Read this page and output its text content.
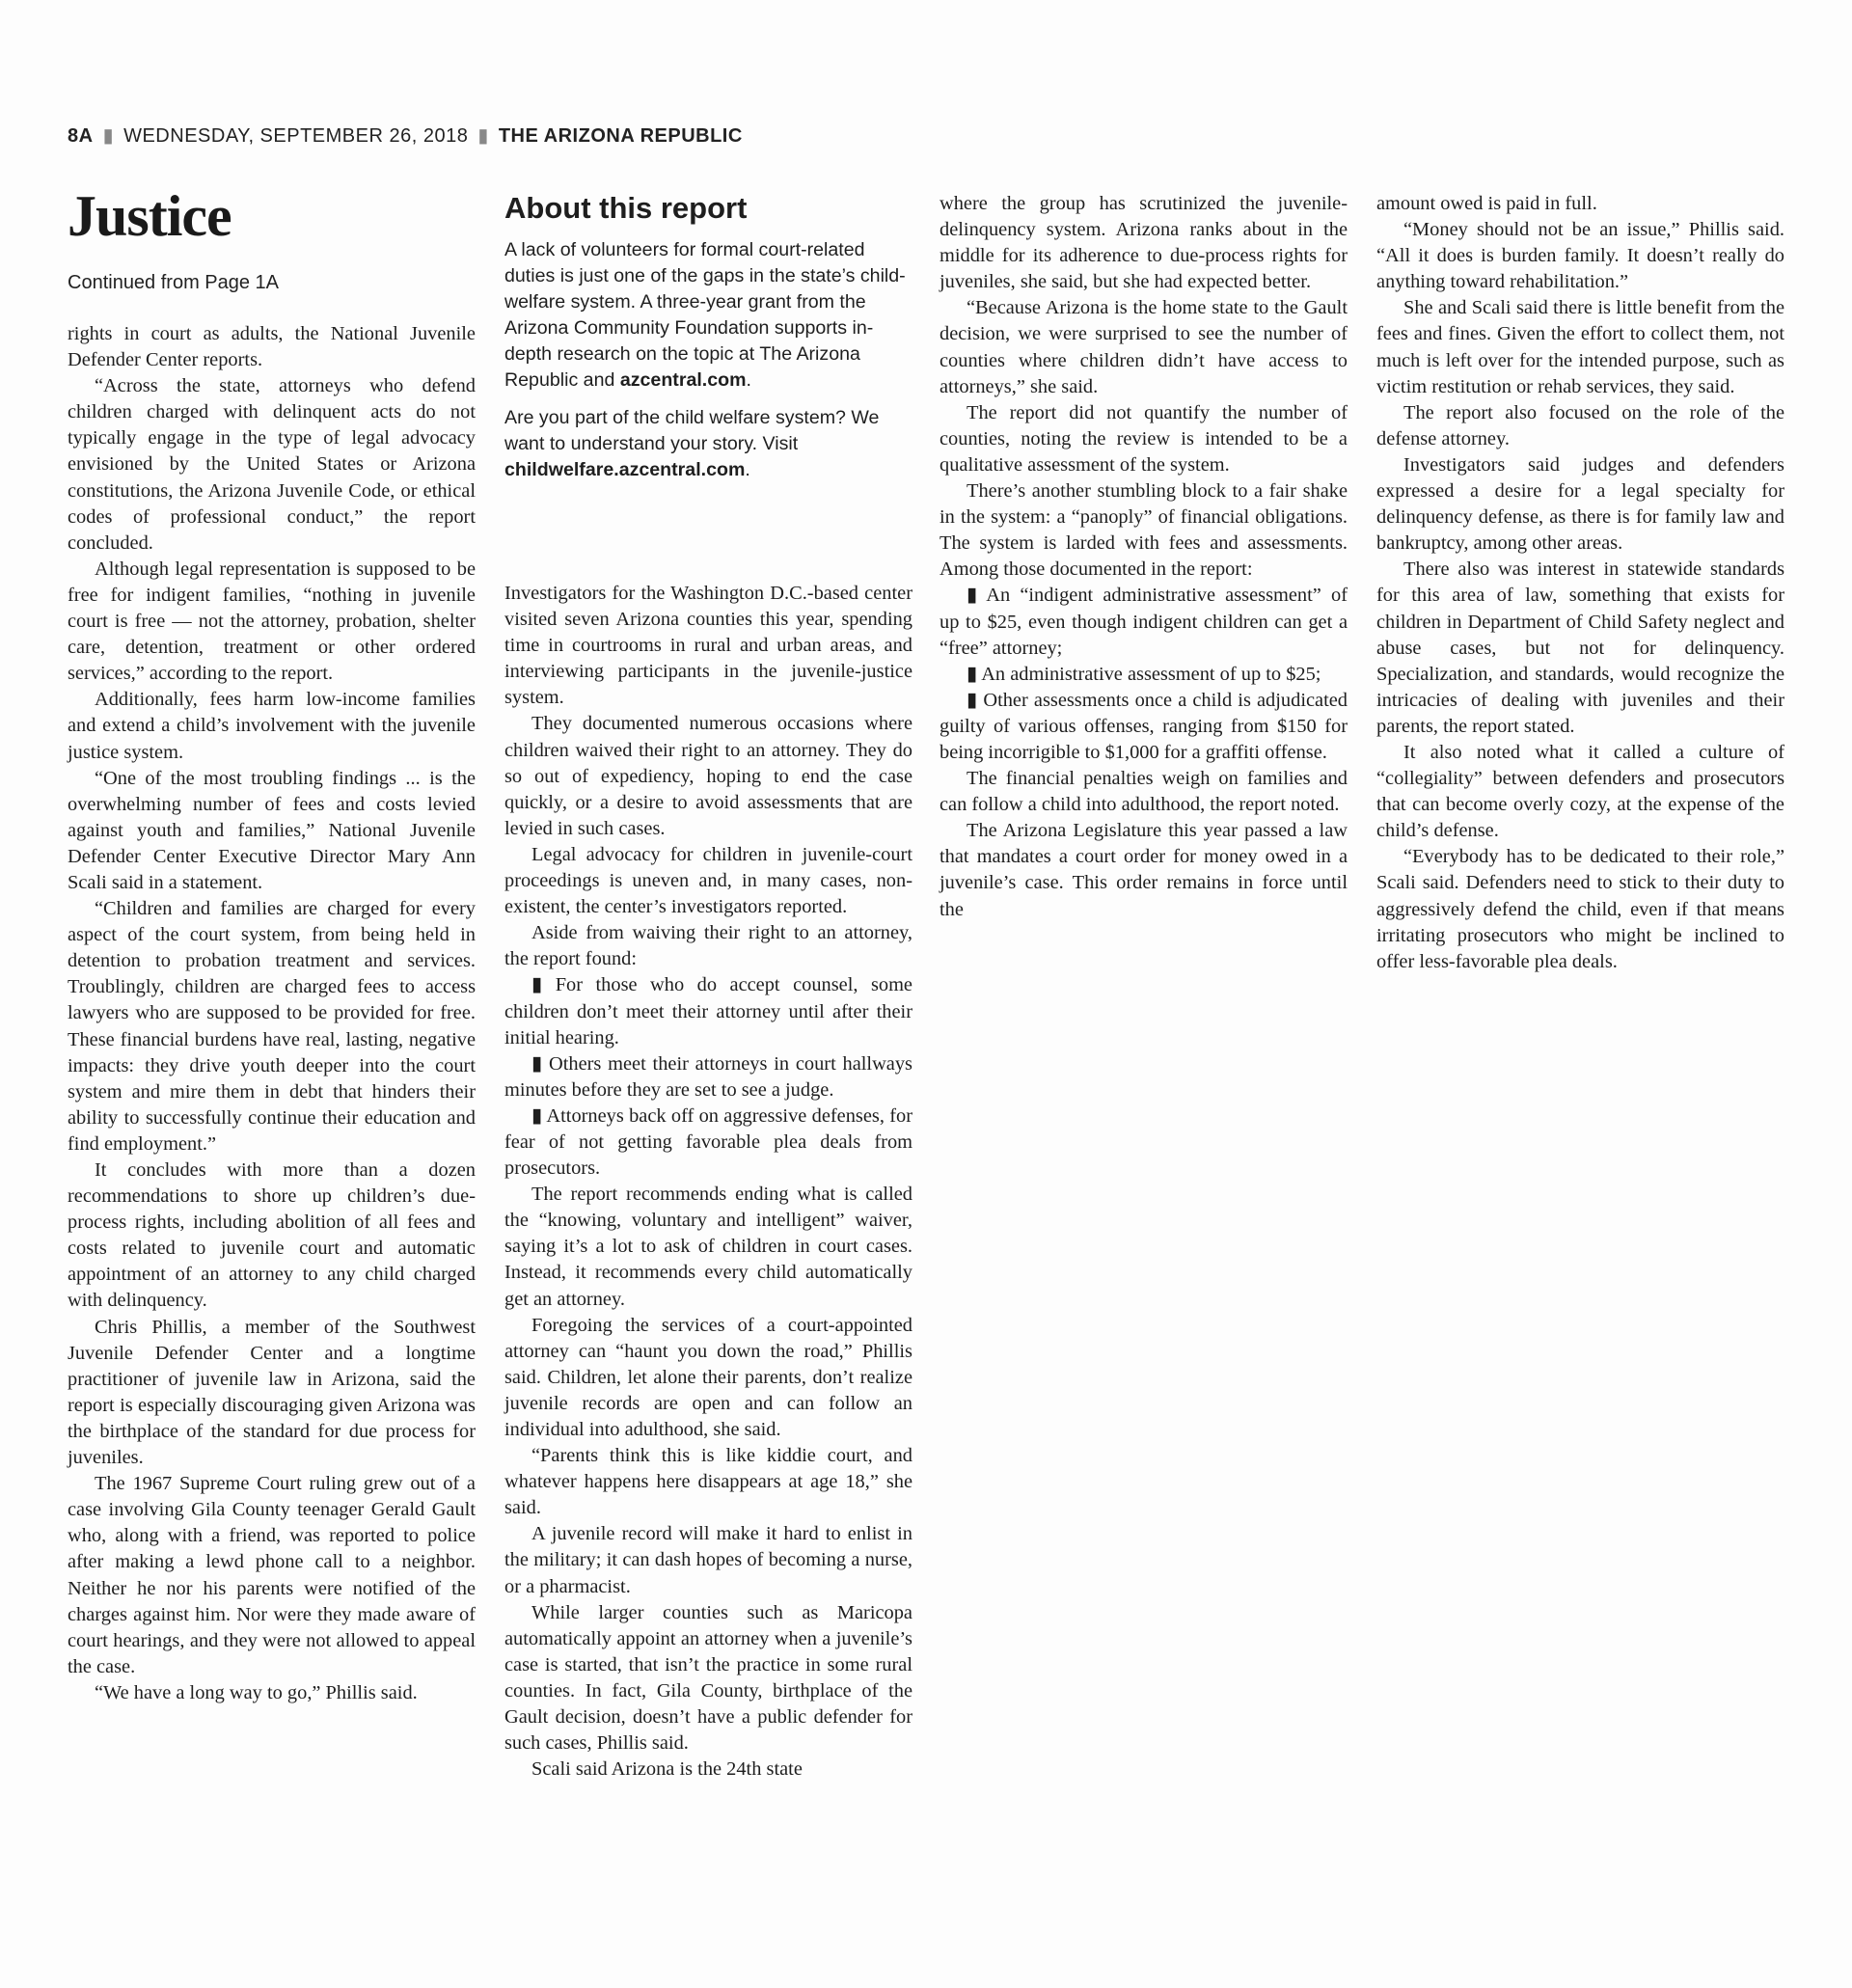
8A ▮ WEDNESDAY, SEPTEMBER 26, 2018 ▮ THE ARIZONA REPUBLIC
Justice
Continued from Page 1A
About this report

A lack of volunteers for formal court-related duties is just one of the gaps in the state’s child-welfare system. A three-year grant from the Arizona Community Foundation supports in-depth research on the topic at The Arizona Republic and azcentral.com.

Are you part of the child welfare system? We want to understand your story. Visit childwelfare.azcentral.com.

rights in court as adults, the National Juvenile Defender Center reports.

“Across the state, attorneys who defend children charged with delinquent acts do not typically engage in the type of legal advocacy envisioned by the United States or Arizona constitutions, the Arizona Juvenile Code, or ethical codes of professional conduct,” the report concluded.

Although legal representation is supposed to be free for indigent families, “nothing in juvenile court is free — not the attorney, probation, shelter care, detention, treatment or other ordered services,” according to the report.

Additionally, fees harm low-income families and extend a child’s involvement with the juvenile justice system.

“One of the most troubling findings ... is the overwhelming number of fees and costs levied against youth and families,” National Juvenile Defender Center Executive Director Mary Ann Scali said in a statement.

“Children and families are charged for every aspect of the court system, from being held in detention to probation treatment and services. Troublingly, children are charged fees to access lawyers who are supposed to be provided for free. These financial burdens have real, lasting, negative impacts: they drive youth deeper into the court system and mire them in debt that hinders their ability to successfully continue their education and find employment.”

It concludes with more than a dozen recommendations to shore up children’s due-process rights, including abolition of all fees and costs related to juvenile court and automatic appointment of an attorney to any child charged with delinquency.

Chris Phillis, a member of the Southwest Juvenile Defender Center and a longtime practitioner of juvenile law in Arizona, said the report is especially discouraging given Arizona was the birthplace of the standard for due process for juveniles.

The 1967 Supreme Court ruling grew out of a case involving Gila County teenager Gerald Gault who, along with a friend, was reported to police after making a lewd phone call to a neighbor. Neither he nor his parents were notified of the charges against him. Nor were they made aware of court hearings, and they were not allowed to appeal the case.

“We have a long way to go,” Phillis said.

Investigators for the Washington D.C.-based center visited seven Arizona counties this year, spending time in courtrooms in rural and urban areas, and interviewing participants in the juvenile-justice system.

They documented numerous occasions where children waived their right to an attorney. They do so out of expediency, hoping to end the case quickly, or a desire to avoid assessments that are levied in such cases.

Legal advocacy for children in juvenile-court proceedings is uneven and, in many cases, non-existent, the center’s investigators reported.

Aside from waiving their right to an attorney, the report found:

▮ For those who do accept counsel, some children don’t meet their attorney until after their initial hearing.

▮ Others meet their attorneys in court hallways minutes before they are set to see a judge.

▮ Attorneys back off on aggressive defenses, for fear of not getting favorable plea deals from prosecutors.

The report recommends ending what is called the “knowing, voluntary and intelligent” waiver, saying it’s a lot to ask of children in court cases. Instead, it recommends every child automatically get an attorney.

Foregoing the services of a court-appointed attorney can “haunt you down the road,” Phillis said. Children, let alone their parents, don’t realize juvenile records are open and can follow an individual into adulthood, she said.

“Parents think this is like kiddie court, and whatever happens here disappears at age 18,” she said.

A juvenile record will make it hard to enlist in the military; it can dash hopes of becoming a nurse, or a pharmacist.

While larger counties such as Maricopa automatically appoint an attorney when a juvenile’s case is started, that isn’t the practice in some rural counties. In fact, Gila County, birthplace of the Gault decision, doesn’t have a public defender for such cases, Phillis said.

Scali said Arizona is the 24th state

where the group has scrutinized the juvenile-delinquency system. Arizona ranks about in the middle for its adherence to due-process rights for juveniles, she said, but she had expected better.

“Because Arizona is the home state to the Gault decision, we were surprised to see the number of counties where children didn’t have access to attorneys,” she said.

The report did not quantify the number of counties, noting the review is intended to be a qualitative assessment of the system.

There’s another stumbling block to a fair shake in the system: a “panoply” of financial obligations. The system is larded with fees and assessments. Among those documented in the report:

▮ An “indigent administrative assessment” of up to $25, even though indigent children can get a “free” attorney;

▮ An administrative assessment of up to $25;

▮ Other assessments once a child is adjudicated guilty of various offenses, ranging from $150 for being incorrigible to $1,000 for a graffiti offense.

The financial penalties weigh on families and can follow a child into adulthood, the report noted.

The Arizona Legislature this year passed a law that mandates a court order for money owed in a juvenile’s case. This order remains in force until the

amount owed is paid in full.

“Money should not be an issue,” Phillis said. “All it does is burden family. It doesn’t really do anything toward rehabilitation.”

She and Scali said there is little benefit from the fees and fines. Given the effort to collect them, not much is left over for the intended purpose, such as victim restitution or rehab services, they said.

The report also focused on the role of the defense attorney.

Investigators said judges and defenders expressed a desire for a legal specialty for delinquency defense, as there is for family law and bankruptcy, among other areas.

There also was interest in statewide standards for this area of law, something that exists for children in Department of Child Safety neglect and abuse cases, but not for delinquency. Specialization, and standards, would recognize the intricacies of dealing with juveniles and their parents, the report stated.

It also noted what it called a culture of “collegiality” between defenders and prosecutors that can become overly cozy, at the expense of the child’s defense.

“Everybody has to be dedicated to their role,” Scali said. Defenders need to stick to their duty to aggressively defend the child, even if that means irritating prosecutors who might be inclined to offer less-favorable plea deals.
